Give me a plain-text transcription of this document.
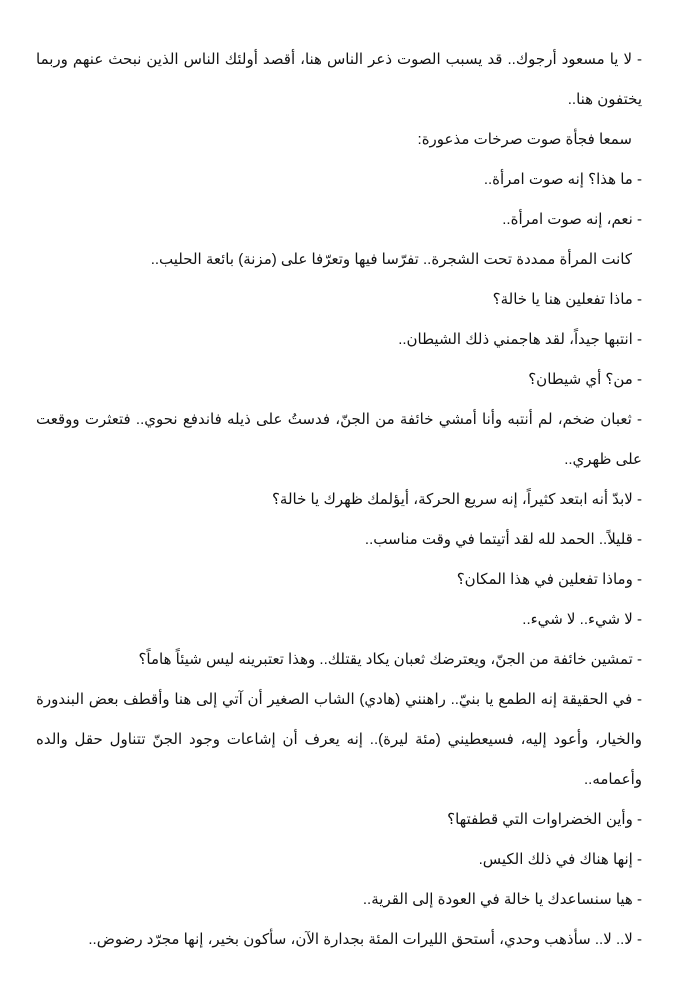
- لا يا مسعود أرجوك.. قد يسبب الصوت ذعر الناس هنا، أقصد أولئك الناس الذين نبحث عنهم وربما يختفون هنا..

سمعا فجأة صوت صرخات مذعورة:

- ما هذا؟ إنه صوت امرأة..

- نعم، إنه صوت امرأة..

كانت المرأة ممددة تحت الشجرة.. تفرّسا فيها وتعرّفا على (مزنة) بائعة الحليب..

- ماذا تفعلين هنا يا خالة؟

- انتبها جيداً، لقد هاجمني ذلك الشيطان..

- من؟ أي شيطان؟

- ثعبان ضخم، لم أنتبه وأنا أمشي خائفة من الجنّ، فدستُ على ذيله فاندفع نحوي.. فتعثرت ووقعت على ظهري..

- لابدّ أنه ابتعد كثيراً، إنه سريع الحركة، أيؤلمك ظهرك يا خالة؟

- قليلاً.. الحمد لله لقد أتيتما في وقت مناسب..

- وماذا تفعلين في هذا المكان؟

- لا شيء.. لا شيء..

- تمشين خائفة من الجنّ، ويعترضك ثعبان يكاد يقتلك.. وهذا تعتبرينه ليس شيئاً هاماً؟

- في الحقيقة إنه الطمع يا بنيّ.. راهنني (هادي) الشاب الصغير أن آتي إلى هنا وأقطف بعض البندورة والخيار، وأعود إليه، فسيعطيني (مئة ليرة).. إنه يعرف أن إشاعات وجود الجنّ تتناول حقل والده وأعمامه..

- وأين الخضراوات التي قطفتها؟

- إنها هناك في ذلك الكيس.

- هيا سنساعدك يا خالة في العودة إلى القرية..

- لا.. لا.. سأذهب وحدي، أستحق الليرات المئة بجدارة الآن، سأكون بخير، إنها مجرّد رضوض..
